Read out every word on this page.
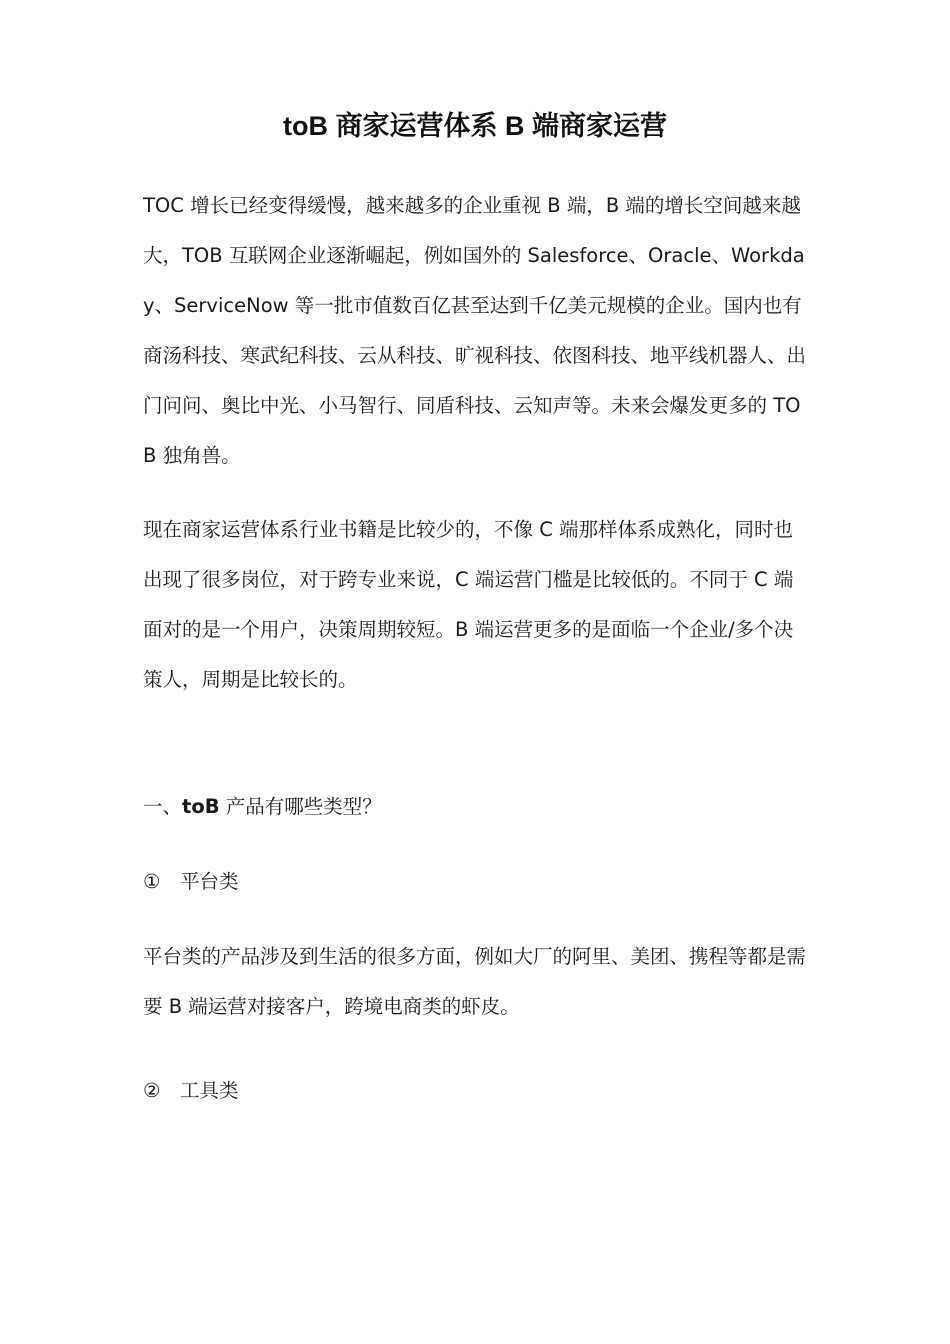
toB 商家运营体系 B 端商家运营

TOC 增长已经变得缓慢，越来越多的企业重视 B 端，B 端的增长空间越来越大，TOB 互联网企业逐渐崛起，例如国外的 Salesforce、Oracle、Workday、ServiceNow 等一批市值数百亿甚至达到千亿美元规模的企业。国内也有商汤科技、寒武纪科技、云从科技、旷视科技、依图科技、地平线机器人、出门问问、奥比中光、小马智行、同盾科技、云知声等。未来会爆发更多的 TOB 独角兽。

现在商家运营体系行业书籍是比较少的，不像 C 端那样体系成熟化，同时也出现了很多岗位，对于跨专业来说，C 端运营门槛是比较低的。不同于 C 端面对的是一个用户，决策周期较短。B 端运营更多的是面临一个企业/多个决策人，周期是比较长的。

一、toB 产品有哪些类型？

① 平台类

平台类的产品涉及到生活的很多方面，例如大厂的阿里、美团、携程等都是需要 B 端运营对接客户，跨境电商类的虾皮。

② 工具类
